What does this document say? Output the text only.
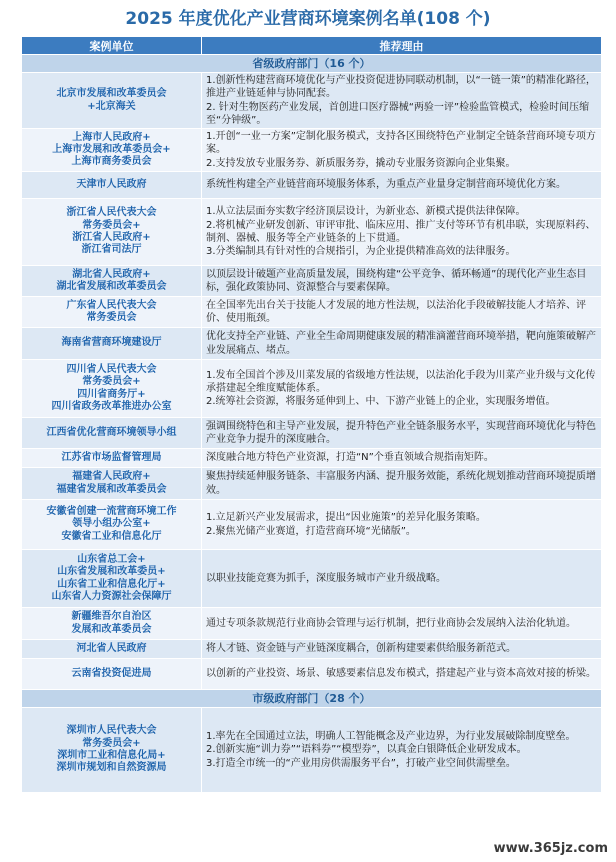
2025 年度优化产业营商环境案例名单(108 个)
案例单位	推荐理由
省级政府部门（16 个）	
北京市发展和改革委员会
+北京海关	1.创新性构建营商环境优化与产业投资促进协同联动机制，以“一链一策”的精准化路径，推进产业链延伸与协同配套。
2. 针对生物医药产业发展，首创进口医疗器械“两验一评”检验监管模式，检验时间压缩至“分钟级”。
上海市人民政府+
上海市发展和改革委员会+
上海市商务委员会	1.开创“一业一方案”定制化服务模式，支持各区围绕特色产业制定全链条营商环境专项方案。
2.支持发放专业服务券、新质服务券，撬动专业服务资源向企业集聚。
天津市人民政府	系统性构建全产业链营商环境服务体系，为重点产业量身定制营商环境优化方案。
浙江省人民代表大会
常务委员会+
浙江省人民政府+
浙江省司法厅	1.从立法层面夯实数字经济顶层设计，为新业态、新模式提供法律保障。
2.将机械产业研发创新、审评审批、临床应用、推广支付等环节有机串联，实现原料药、制剂、器械、服务等全产业链条的上下贯通。
3.分类编制具有针对性的合规指引，为企业提供精准高效的法律服务。
湖北省人民政府+
湖北省发展和改革委员会	以顶层设计破题产业高质量发展，围绕构建“公平竞争、循环畅通”的现代化产业生态目标，强化政策协同、资源整合与要素保障。
广东省人民代表大会
常务委员会	在全国率先出台关于技能人才发展的地方性法规，以法治化手段破解技能人才培养、评价、使用瓶颈。
海南省营商环境建设厅	优化支持全产业链、产业全生命周期健康发展的精准滴灌营商环境举措，靶向施策破解产业发展痛点、堵点。
四川省人民代表大会
常务委员会+
四川省商务厅+
四川省政务改革推进办公室	1.发布全国首个涉及川菜发展的省级地方性法规，以法治化手段为川菜产业升级与文化传承搭建起全维度赋能体系。
2.统筹社会资源，将服务延伸到上、中、下游产业链上的企业，实现服务增值。
江西省优化营商环境领导小组	强调围绕特色和主导产业发展，提升特色产业全链条服务水平，实现营商环境优化与特色产业竞争力提升的深度融合。
江苏省市场监督管理局	深度融合地方特色产业资源，打造“N”个垂直领域合规指南矩阵。
福建省人民政府+
福建省发展和改革委员会	聚焦持续延伸服务链条、丰富服务内涵、提升服务效能，系统化规划推动营商环境提质增效。
安徽省创建一流营商环境工作
领导小组办公室+
安徽省工业和信息化厅	1.立足新兴产业发展需求，提出“因业施策”的差异化服务策略。
2.聚焦光储产业赛道，打造营商环境“光储版”。
山东省总工会+
山东省发展和改革委员+
山东省工业和信息化厅+
山东省人力资源社会保障厅	以职业技能竞赛为抓手，深度服务城市产业升级战略。
新疆维吾尔自治区
发展和改革委员会	通过专项条款规范行业商协会管理与运行机制，把行业商协会发展纳入法治化轨道。
河北省人民政府	将人才链、资金链与产业链深度耦合，创新构建要素供给服务新范式。
云南省投资促进局	以创新的产业投资、场景、敏感要素信息发布模式，搭建起产业与资本高效对接的桥梁。
市级政府部门（28 个）	
深圳市人民代表大会
常务委员会+
深圳市工业和信息化局+
深圳市规划和自然资源局	1.率先在全国通过立法，明确人工智能概念及产业边界，为行业发展破除制度壁垒。
2.创新实施“训力券”“语料券”“模型券”，以真金白银降低企业研发成本。
3.打造全市统一的“产业用房供需服务平台”，打破产业空间供需壁垒。
www.365jz.com
